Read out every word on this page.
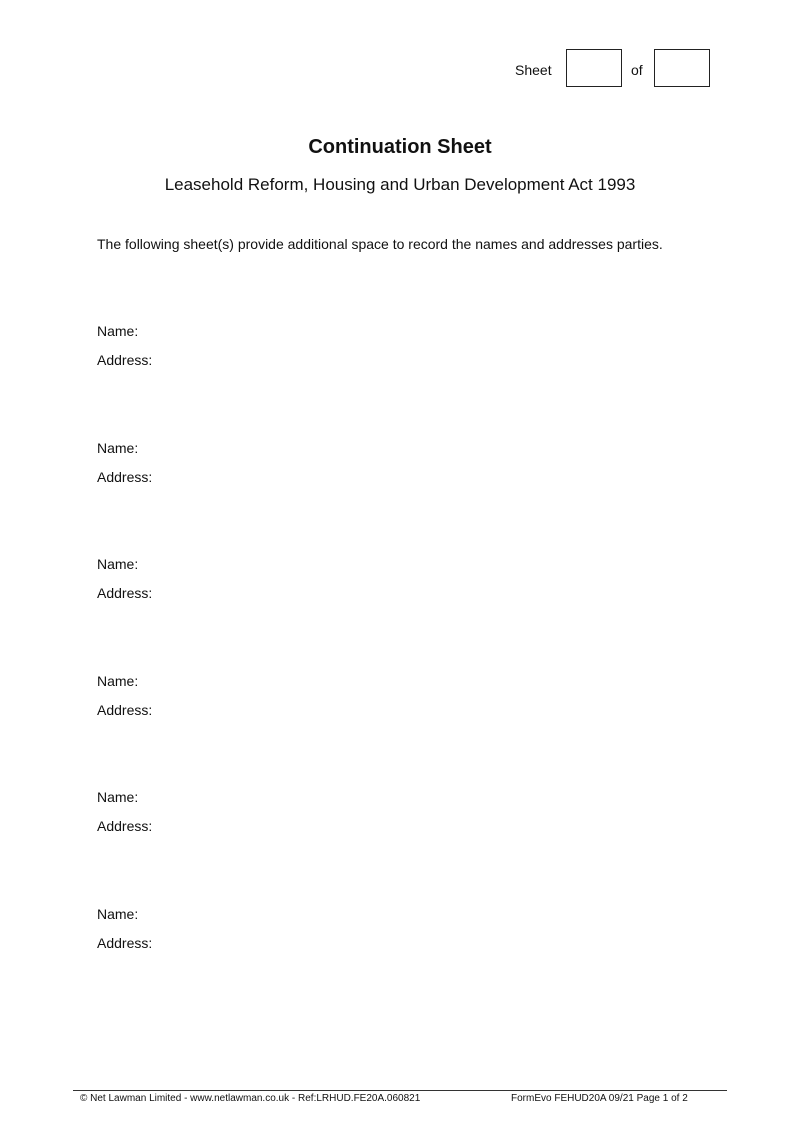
Sheet	of
Continuation Sheet
Leasehold Reform, Housing and Urban Development Act 1993
The following sheet(s) provide additional space to record the names and addresses parties.
Name:
Address:
Name:
Address:
Name:
Address:
Name:
Address:
Name:
Address:
Name:
Address:
© Net Lawman Limited - www.netlawman.co.uk - Ref:LRHUD.FE20A.060821	FormEvo FEHUD20A 09/21 Page 1 of 2
